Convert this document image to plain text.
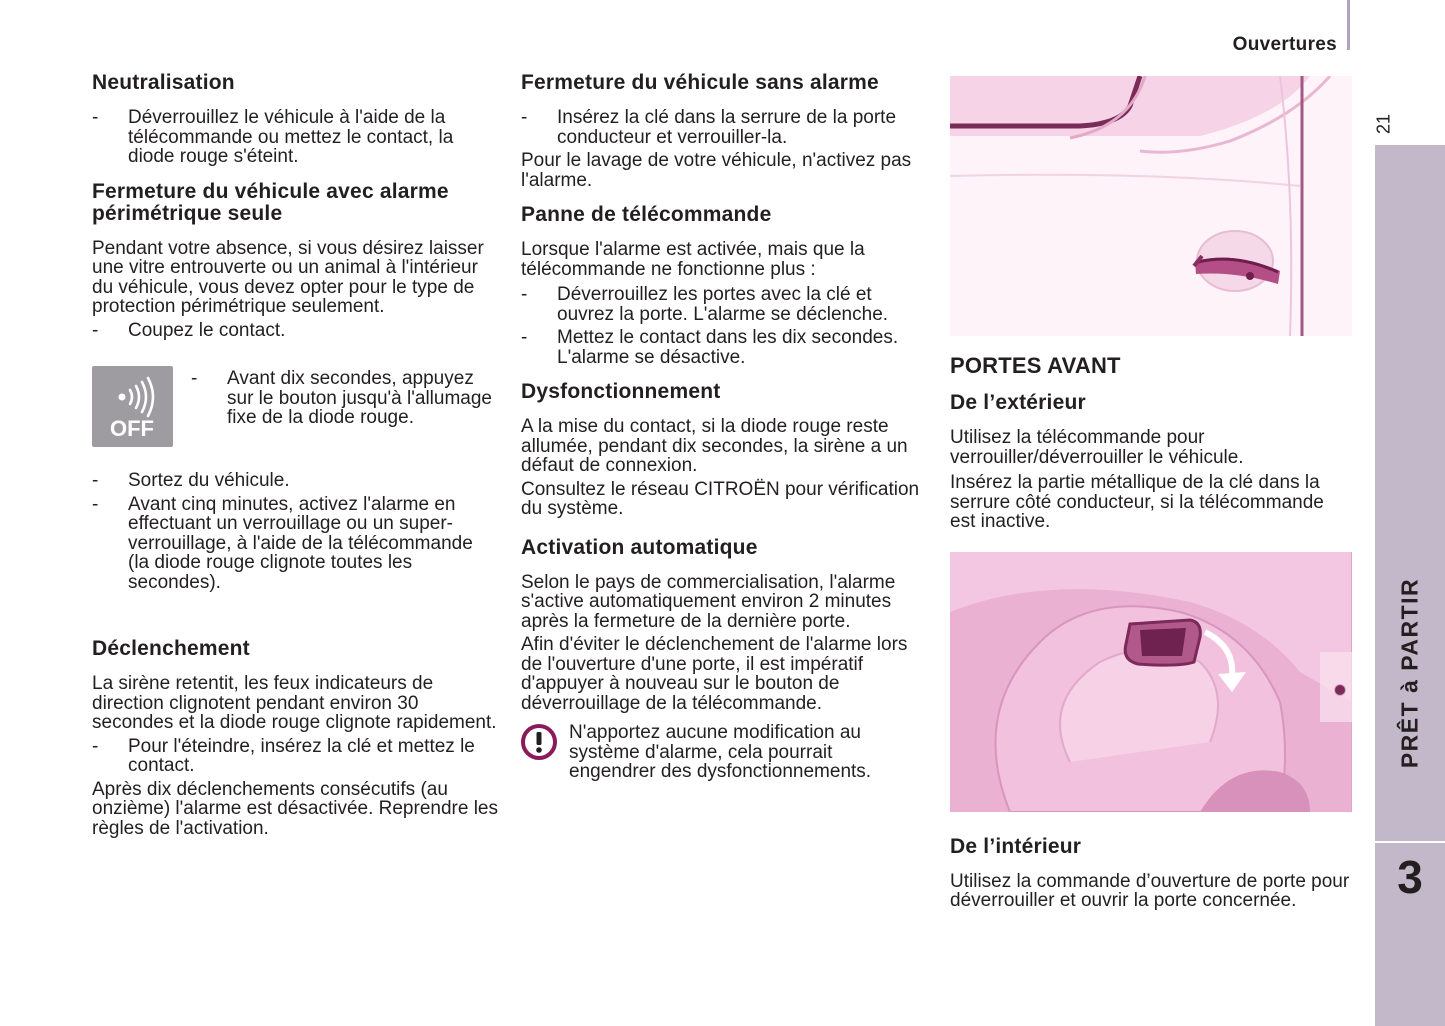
Ouvertures
21
PRÊT à PARTIR
3
Neutralisation
-	Déverrouillez le véhicule à l'aide de la télécommande ou mettez le contact, la diode rouge s'éteint.
Fermeture du véhicule avec alarme périmétrique seule

Pendant votre absence, si vous désirez laisser une vitre entrouverte ou un animal à l'intérieur du véhicule, vous devez opter pour le type de protection périmétrique seulement.

-	Coupez le contact.
OFF
-	Avant dix secondes, appuyez sur le bouton jusqu'à l'allumage fixe de la diode rouge.
-	Sortez du véhicule.
-	Avant cinq minutes, activez l'alarme en effectuant un verrouillage ou un super-verrouillage, à l'aide de la télécommande (la diode rouge clignote toutes les secondes).
Déclenchement

La sirène retentit, les feux indicateurs de direction clignotent pendant environ 30 secondes et la diode rouge clignote rapidement.

-	Pour l'éteindre, insérez la clé et mettez le contact.

Après dix déclenchements consécutifs (au onzième) l'alarme est désactivée. Reprendre les règles de l'activation.

Fermeture du véhicule sans alarme
-	Insérez la clé dans la serrure de la porte conducteur et verrouiller-la.

Pour le lavage de votre véhicule, n'activez pas l'alarme.

Panne de télécommande

Lorsque l'alarme est activée, mais que la télécommande ne fonctionne plus :

-	Déverrouillez les portes avec la clé et ouvrez la porte. L'alarme se déclenche.
-	Mettez le contact dans les dix secondes. L'alarme se désactive.
Dysfonctionnement

A la mise du contact, si la diode rouge reste allumée, pendant dix secondes, la sirène a un défaut de connexion.

Consultez le réseau CITROËN pour vérification du système.

Activation automatique

Selon le pays de commercialisation, l'alarme s'active automatiquement environ 2 minutes après la fermeture de la dernière porte.

Afin d'éviter le déclenchement de l'alarme lors de l'ouverture d'une porte, il est impératif d'appuyer à nouveau sur le bouton de déverrouillage de la télécommande.

N'apportez aucune modification au système d'alarme, cela pourrait engendrer des dysfonctionnements.

PORTES AVANT
De l’extérieur

Utilisez la télécommande pour verrouiller/déverrouiller le véhicule.

Insérez la partie métallique de la clé dans la serrure côté conducteur, si la télécommande est inactive.

De l’intérieur

Utilisez la commande d’ouverture de porte pour déverrouiller et ouvrir la porte concernée.
